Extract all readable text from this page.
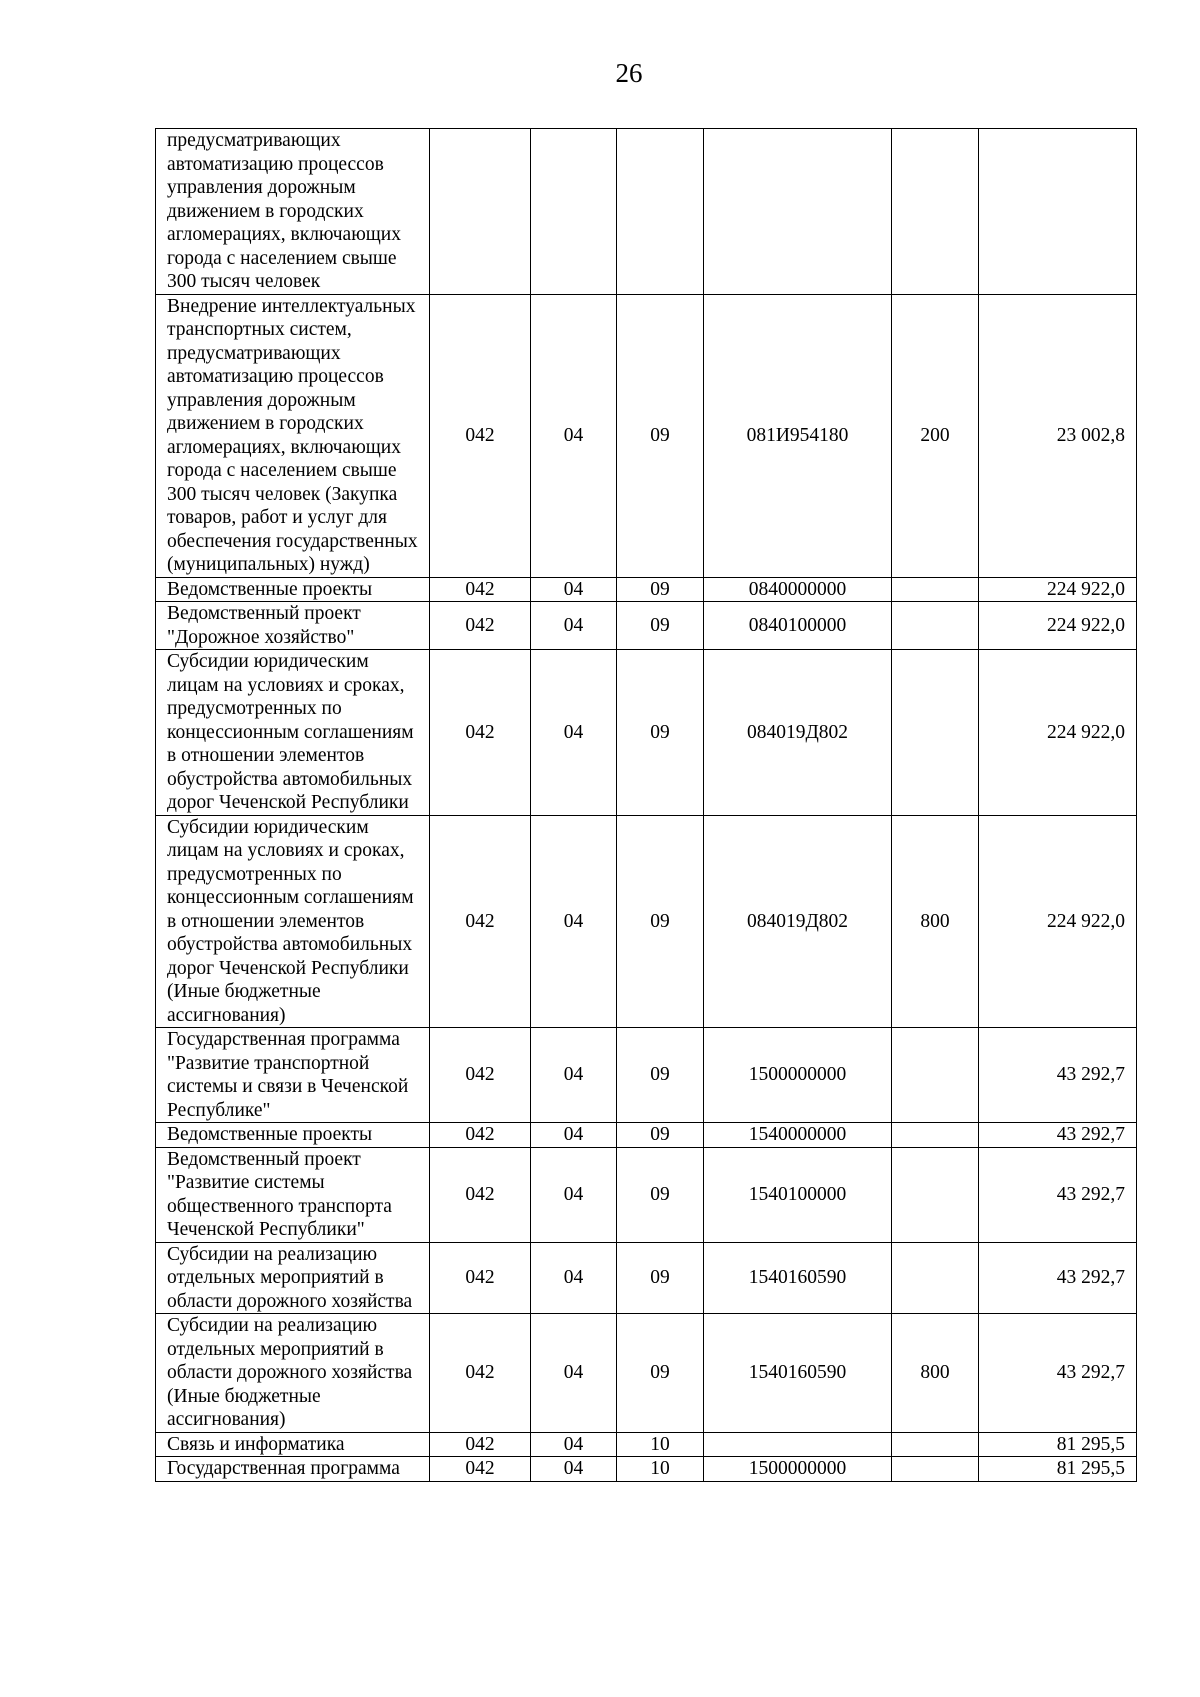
26
предусматривающих автоматизацию процессов управления дорожным движением в городских агломерациях, включающих города с населением свыше 300 тысяч человек						
Внедрение интеллектуальных транспортных систем, предусматривающих автоматизацию процессов управления дорожным движением в городских агломерациях, включающих города с населением свыше 300 тысяч человек (Закупка товаров, работ и услуг для обеспечения государственных (муниципальных) нужд)	042	04	09	081И954180	200	23 002,8
Ведомственные проекты	042	04	09	0840000000		224 922,0
Ведомственный проект "Дорожное хозяйство"	042	04	09	0840100000		224 922,0
Субсидии юридическим лицам на условиях и сроках, предусмотренных по концессионным соглашениям в отношении элементов обустройства автомобильных дорог Чеченской Республики	042	04	09	084019Д802		224 922,0
Субсидии юридическим лицам на условиях и сроках, предусмотренных по концессионным соглашениям в отношении элементов обустройства автомобильных дорог Чеченской Республики (Иные бюджетные ассигнования)	042	04	09	084019Д802	800	224 922,0
Государственная программа "Развитие транспортной системы и связи в Чеченской Республике"	042	04	09	1500000000		43 292,7
Ведомственные проекты	042	04	09	1540000000		43 292,7
Ведомственный проект "Развитие системы общественного транспорта Чеченской Республики"	042	04	09	1540100000		43 292,7
Субсидии на реализацию отдельных мероприятий в области дорожного хозяйства	042	04	09	1540160590		43 292,7
Субсидии на реализацию отдельных мероприятий в области дорожного хозяйства (Иные бюджетные ассигнования)	042	04	09	1540160590	800	43 292,7
Связь и информатика	042	04	10			81 295,5
Государственная программа	042	04	10	1500000000		81 295,5
